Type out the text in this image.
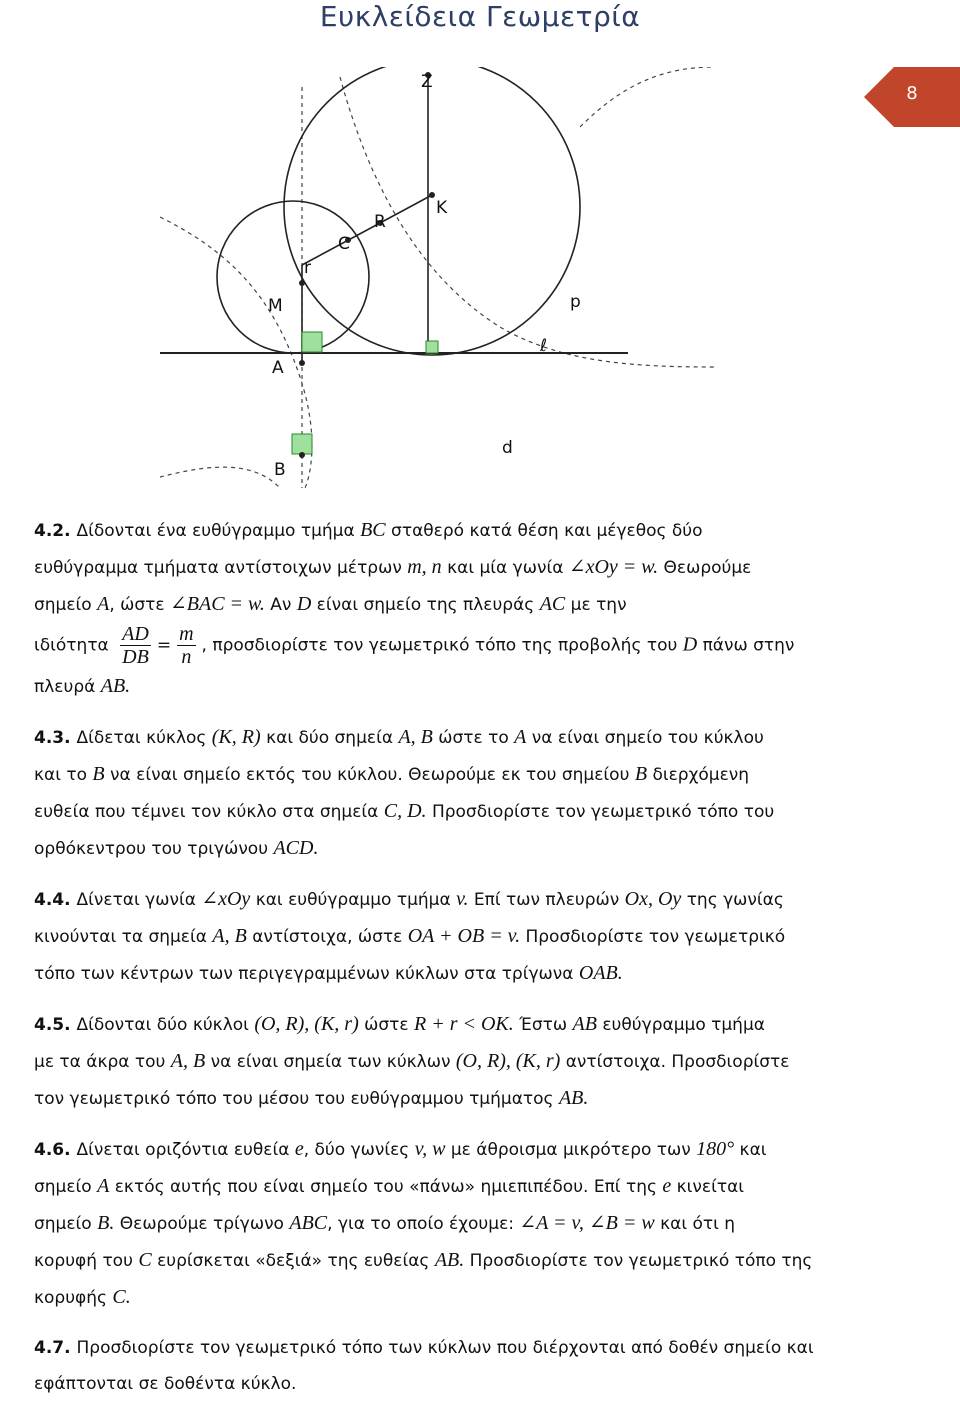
Ευκλείδεια Γεωμετρία
8
Z
K
R
C
r
M	p
ℓ
A
d
B
4.2. Δίδονται ένα ευθύγραμμο τμήμα BC σταθερό κατά θέση και μέγεθος δύο
ευθύγραμμα τμήματα αντίστοιχων μέτρων m, n και μία γωνία ∠xOy = w. Θεωρούμε
σημείο A, ώστε ∠BAC = w. Αν D είναι σημείο της πλευράς AC με την
ιδιότητα $\frac{AD}{DB} = \frac{m}{n}$ , προσδιορίστε τον γεωμετρικό τόπο της προβολής του D πάνω στην
πλευρά AB.
4.3. Δίδεται κύκλος (K, R) και δύο σημεία A, B ώστε το A να είναι σημείο του κύκλου
και το B να είναι σημείο εκτός του κύκλου. Θεωρούμε εκ του σημείου B διερχόμενη
ευθεία που τέμνει τον κύκλο στα σημεία C, D. Προσδιορίστε τον γεωμετρικό τόπο του
ορθόκεντρου του τριγώνου ACD.
4.4. Δίνεται γωνία ∠xOy και ευθύγραμμο τμήμα v. Επί των πλευρών Ox, Oy της γωνίας
κινούνται τα σημεία A, B αντίστοιχα, ώστε OA + OB = v. Προσδιορίστε τον γεωμετρικό
τόπο των κέντρων των περιγεγραμμένων κύκλων στα τρίγωνα OAB.
4.5. Δίδονται δύο κύκλοι (O, R), (K, r) ώστε R + r < OK. Έστω AB ευθύγραμμο τμήμα
με τα άκρα του A, B να είναι σημεία των κύκλων (O, R), (K, r) αντίστοιχα. Προσδιορίστε
τον γεωμετρικό τόπο του μέσου του ευθύγραμμου τμήματος AB.
4.6. Δίνεται οριζόντια ευθεία e, δύο γωνίες v, w με άθροισμα μικρότερο των 180° και
σημείο A εκτός αυτής που είναι σημείο του «πάνω» ημιεπιπέδου. Επί της e κινείται
σημείο B. Θεωρούμε τρίγωνο ABC, για το οποίο έχουμε: ∠A = v, ∠B = w και ότι η
κορυφή του C ευρίσκεται «δεξιά» της ευθείας AB. Προσδιορίστε τον γεωμετρικό τόπο της
κορυφής C.
4.7. Προσδιορίστε τον γεωμετρικό τόπο των κύκλων που διέρχονται από δοθέν σημείο και
εφάπτονται σε δοθέντα κύκλο.
